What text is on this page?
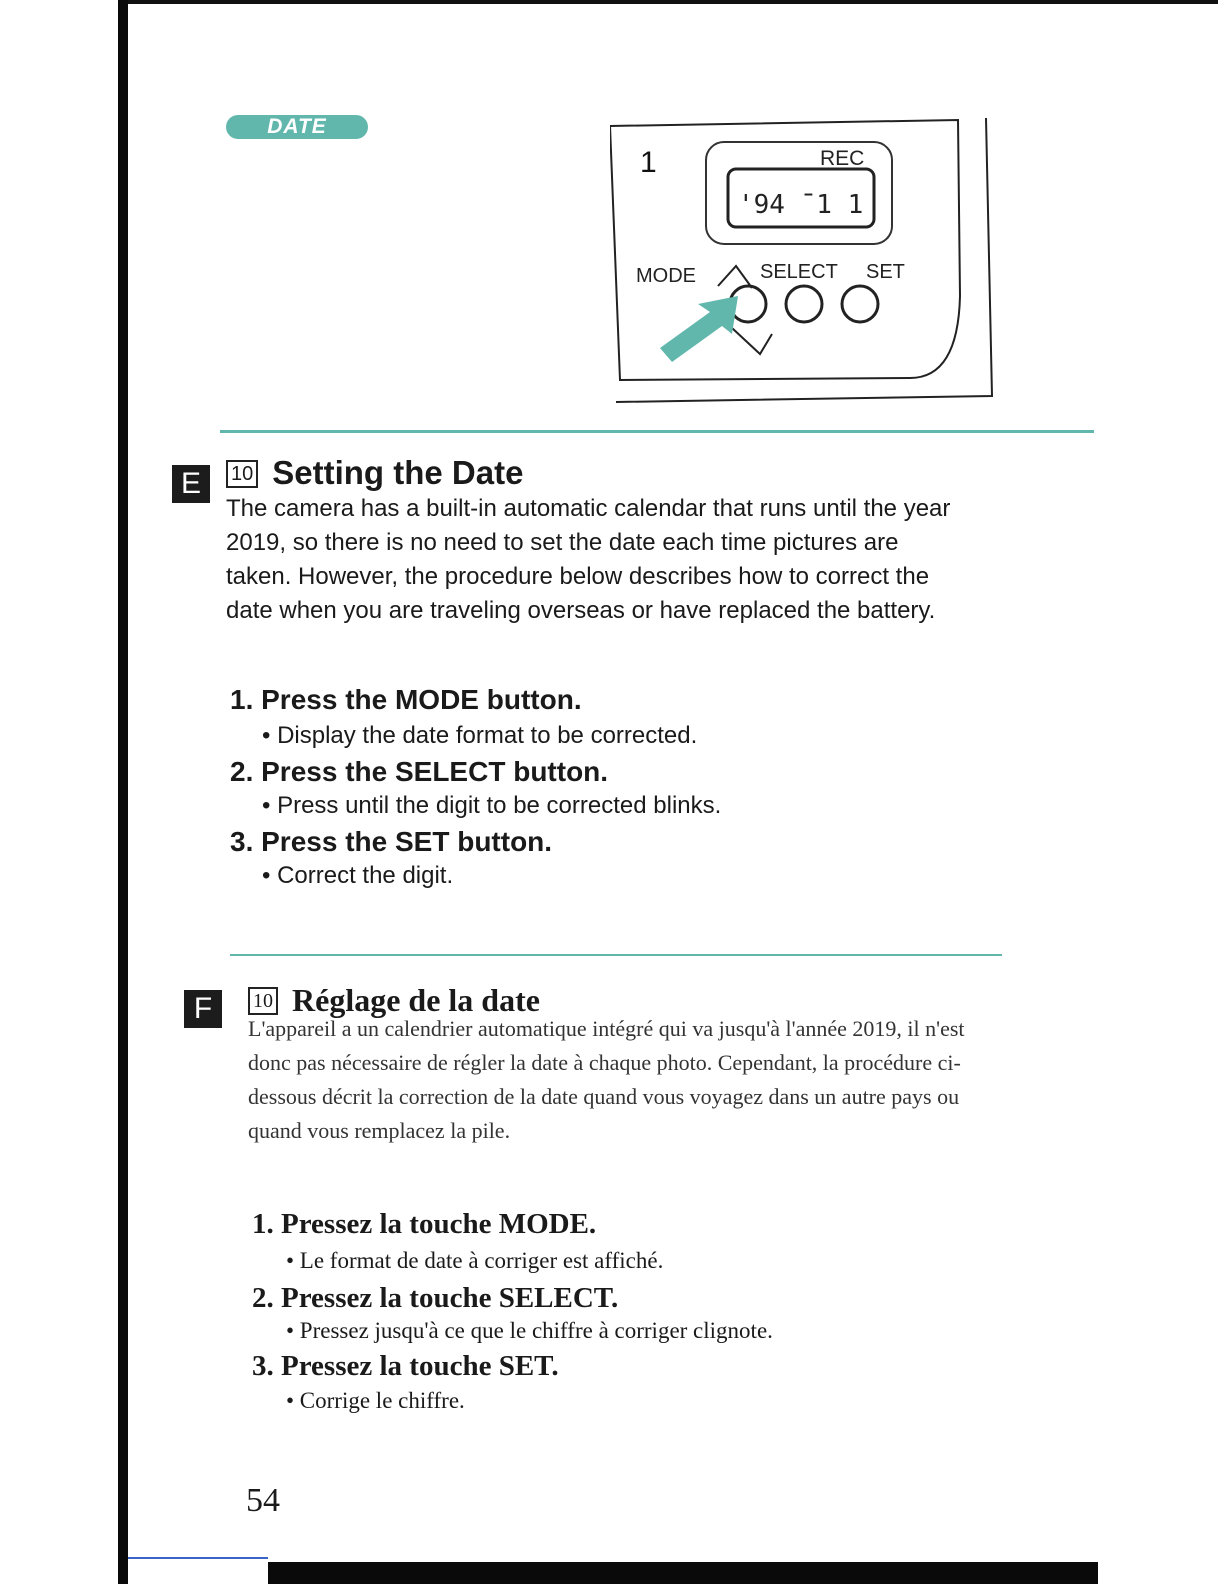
DATE
1	REC
'94 ̄̄ 1 1
MODE	SELECT SET
E	10 Setting the Date
The camera has a built-in automatic calendar that runs until the year 2019, so there is no need to set the date each time pictures are taken. However, the procedure below describes how to correct the date when you are traveling overseas or have replaced the battery.
1. Press the MODE button.
• Display the date format to be corrected.
2. Press the SELECT button.
• Press until the digit to be corrected blinks.
3. Press the SET button.
• Correct the digit.
F	10 Réglage de la date
L'appareil a un calendrier automatique intégré qui va jusqu'à l'année 2019, il n'est donc pas nécessaire de régler la date à chaque photo. Cependant, la procédure ci-dessous décrit la correction de la date quand vous voyagez dans un autre pays ou quand vous remplacez la pile.
1. Pressez la touche MODE.
• Le format de date à corriger est affiché.
2. Pressez la touche SELECT.
• Pressez jusqu'à ce que le chiffre à corriger clignote.
3. Pressez la touche SET.
• Corrige le chiffre.
54
